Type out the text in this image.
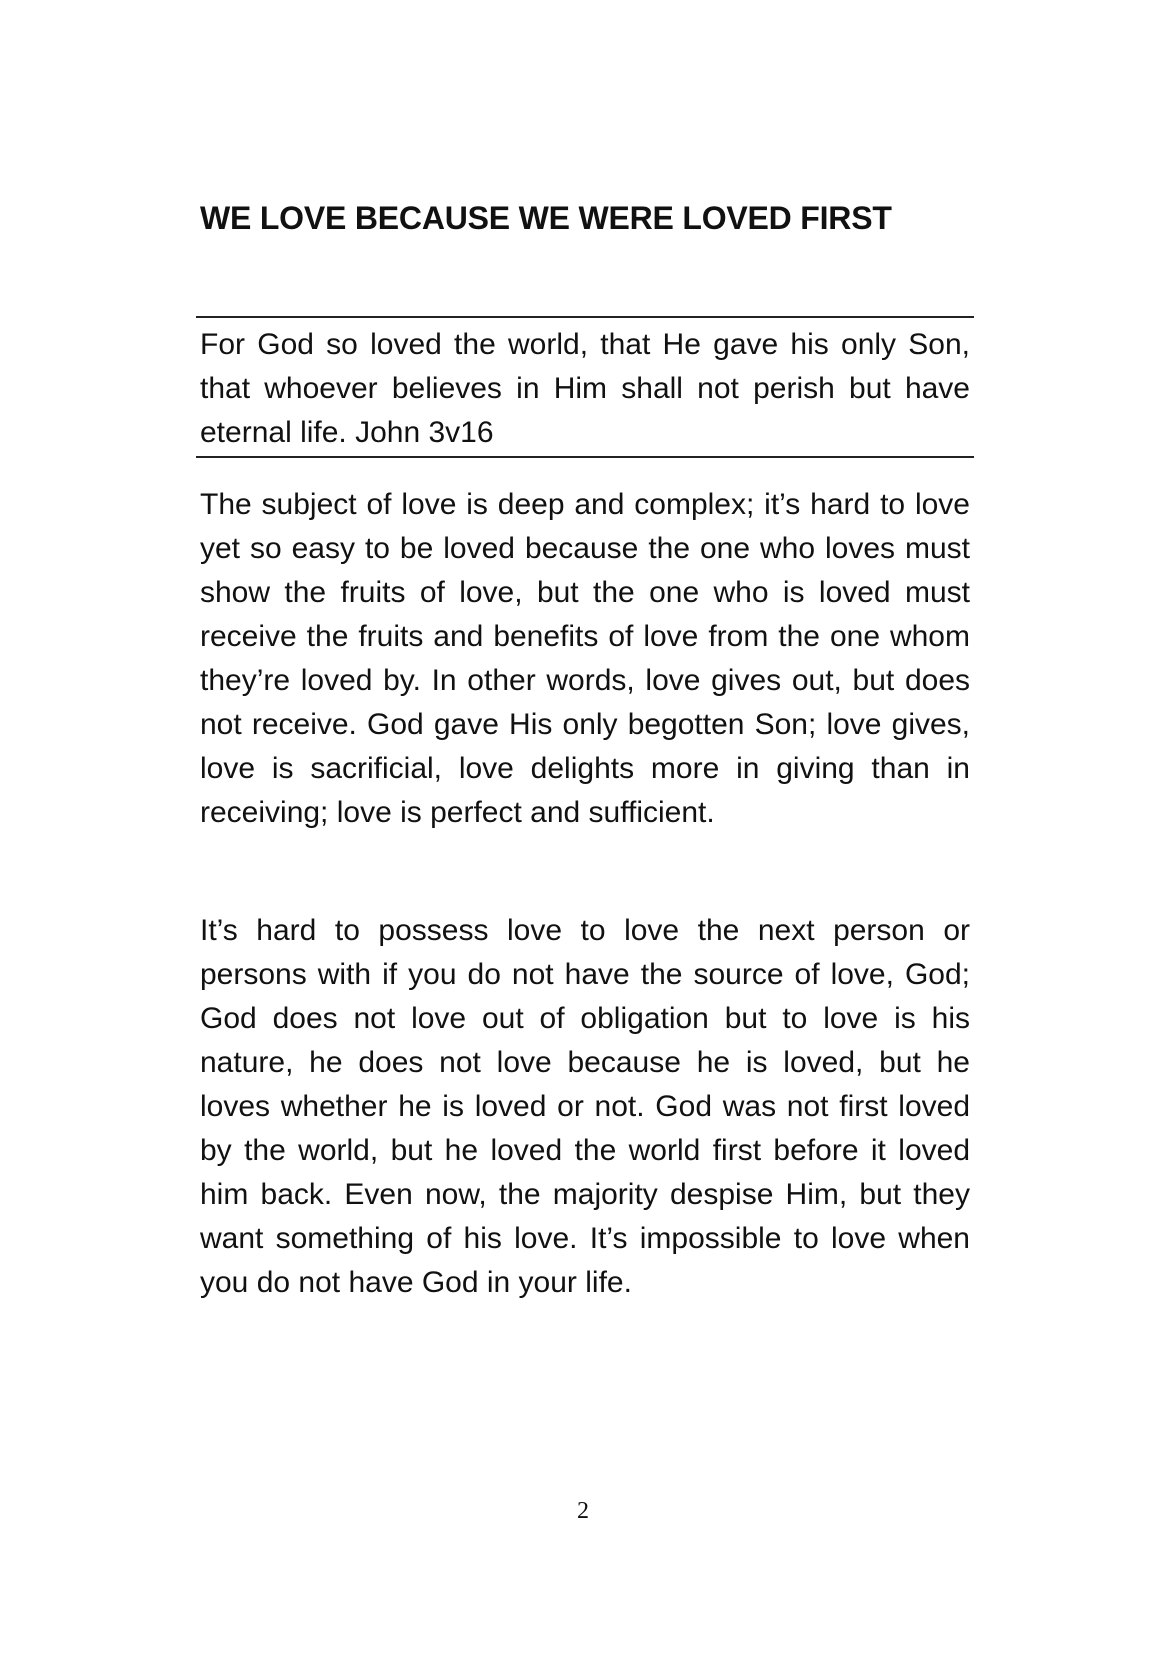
WE LOVE BECAUSE WE WERE LOVED FIRST

For God so loved the world, that He gave his only Son, that whoever believes in Him shall not perish but have eternal life. John 3v16

The subject of love is deep and complex; it’s hard to love yet so easy to be loved because the one who loves must show the fruits of love, but the one who is loved must receive the fruits and benefits of love from the one whom they’re loved by. In other words, love gives out, but does not receive. God gave His only begotten Son; love gives, love is sacrificial, love delights more in giving than in receiving; love is perfect and sufficient.

It’s hard to possess love to love the next person or persons with if you do not have the source of love, God; God does not love out of obligation but to love is his nature, he does not love because he is loved, but he loves whether he is loved or not. God was not first loved by the world, but he loved the world first before it loved him back. Even now, the majority despise Him, but they want something of his love. It’s impossible to love when you do not have God in your life.

2
